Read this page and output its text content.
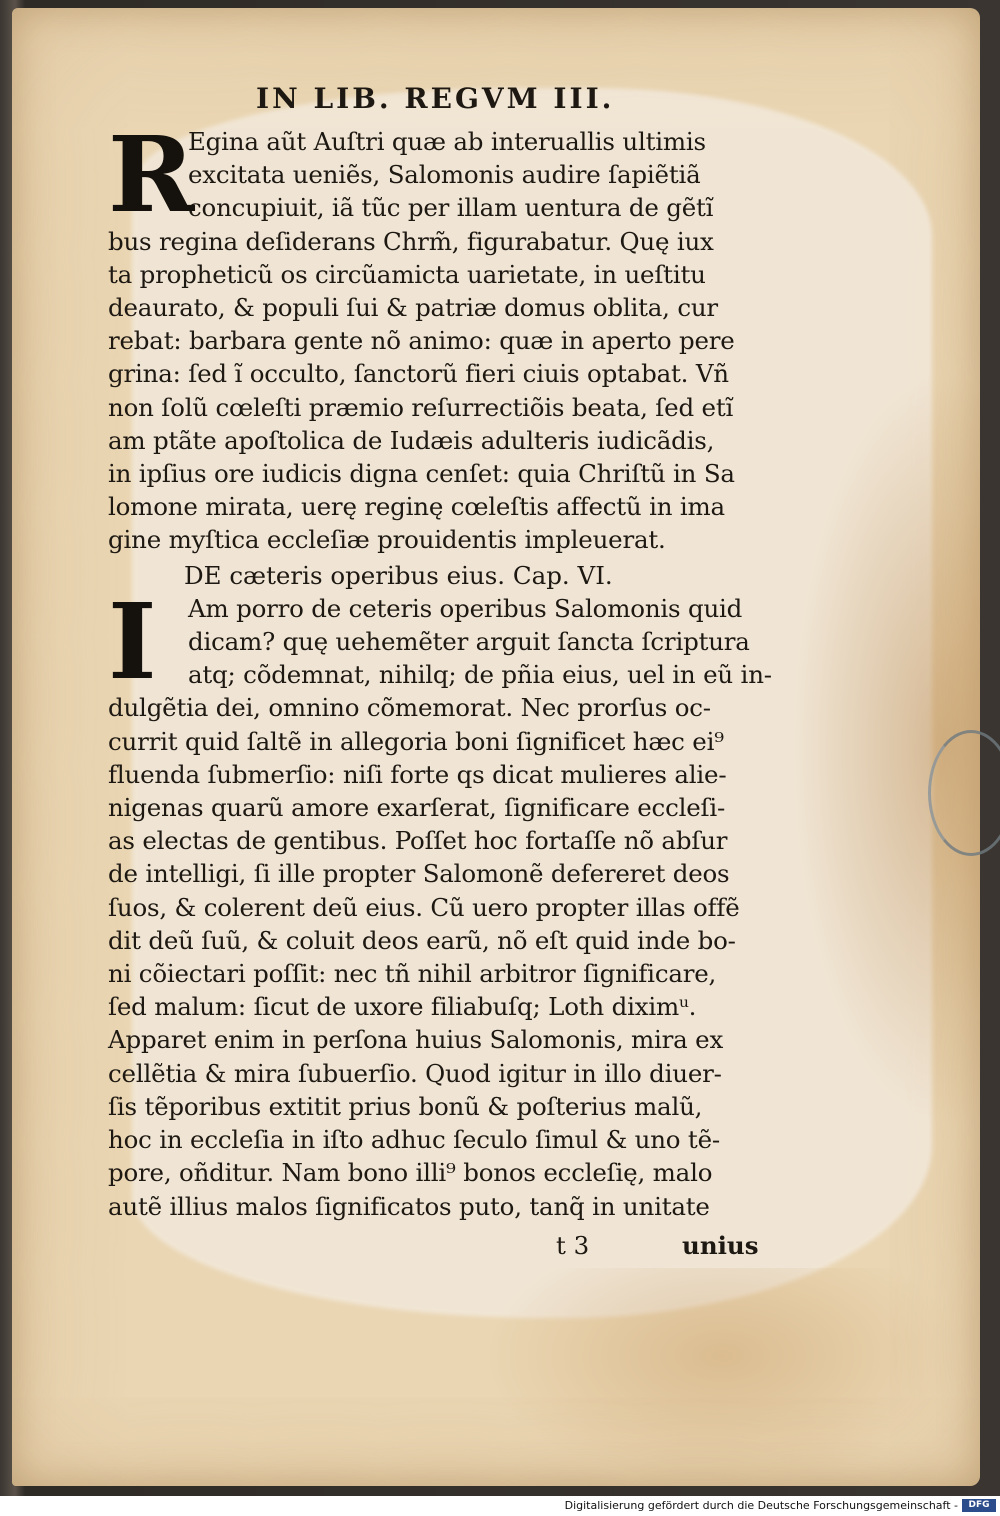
IN LIB. REGVM III.
R
Egina aũt Auſtri quæ ab interuallis ultimis
excitata ueniẽs, Salomonis audire ſapiẽtiã
concupiuit, iã tũc per illam uentura de gẽtĩ
bus regina deſiderans Chrm̃, figurabatur. Quę iux
ta propheticũ os circũamicta uarietate, in ueſtitu
deaurato, & populi ſui & patriæ domus oblita, cur
rebat: barbara gente nõ animo: quæ in aperto pere
grina: ſed ĩ occulto, ſanctorũ fieri ciuis optabat. Vñ
non ſolũ cœleſti præmio reſurrectiõis beata, ſed etĩ
am ptãte apoſtolica de Iudæis adulteris iudicãdis,
in ipſius ore iudicis digna cenſet: quia Chriſtũ in Sa
lomone mirata, uerę reginę cœleſtis affectũ in ima
gine myſtica eccleſiæ prouidentis impleuerat.
DE cæteris operibus eius. Cap. VI.
I	Am porro de ceteris operibus Salomonis quid
dicam? quę uehemẽter arguit ſancta ſcriptura
atq; cõdemnat, nihilq; de pñia eius, uel in eũ in-
dulgẽtia dei, omnino cõmemorat. Nec prorſus oc-
currit quid ſaltẽ in allegoria boni ſignificet hæc ei⁹
fluenda ſubmerſio: niſi forte qs dicat mulieres alie-
nigenas quarũ amore exarſerat, ſignificare eccleſi-
as electas de gentibus. Poſſet hoc fortaſſe nõ abſur
de intelligi, ſi ille propter Salomonẽ defereret deos
ſuos, & colerent deũ eius. Cũ uero propter illas offẽ
dit deũ ſuũ, & coluit deos earũ, nõ eſt quid inde bo-
ni cõiectari poſſit: nec tñ nihil arbitror ſignificare,
ſed malum: ſicut de uxore filiabuſq; Loth diximᵘ.
Apparet enim in perſona huius Salomonis, mira ex
cellẽtia & mira ſubuerſio. Quod igitur in illo diuer-
ſis tẽporibus extitit prius bonũ & poſterius malũ,
hoc in eccleſia in iſto adhuc ſeculo ſimul & uno tẽ-
pore, oñditur. Nam bono illi⁹ bonos eccleſię, malo
autẽ illius malos ſignificatos puto, tanq̃ in unitate
t 3	unius
Digitalisierung gefördert durch die Deutsche Forschungsgemeinschaft -	DFG
